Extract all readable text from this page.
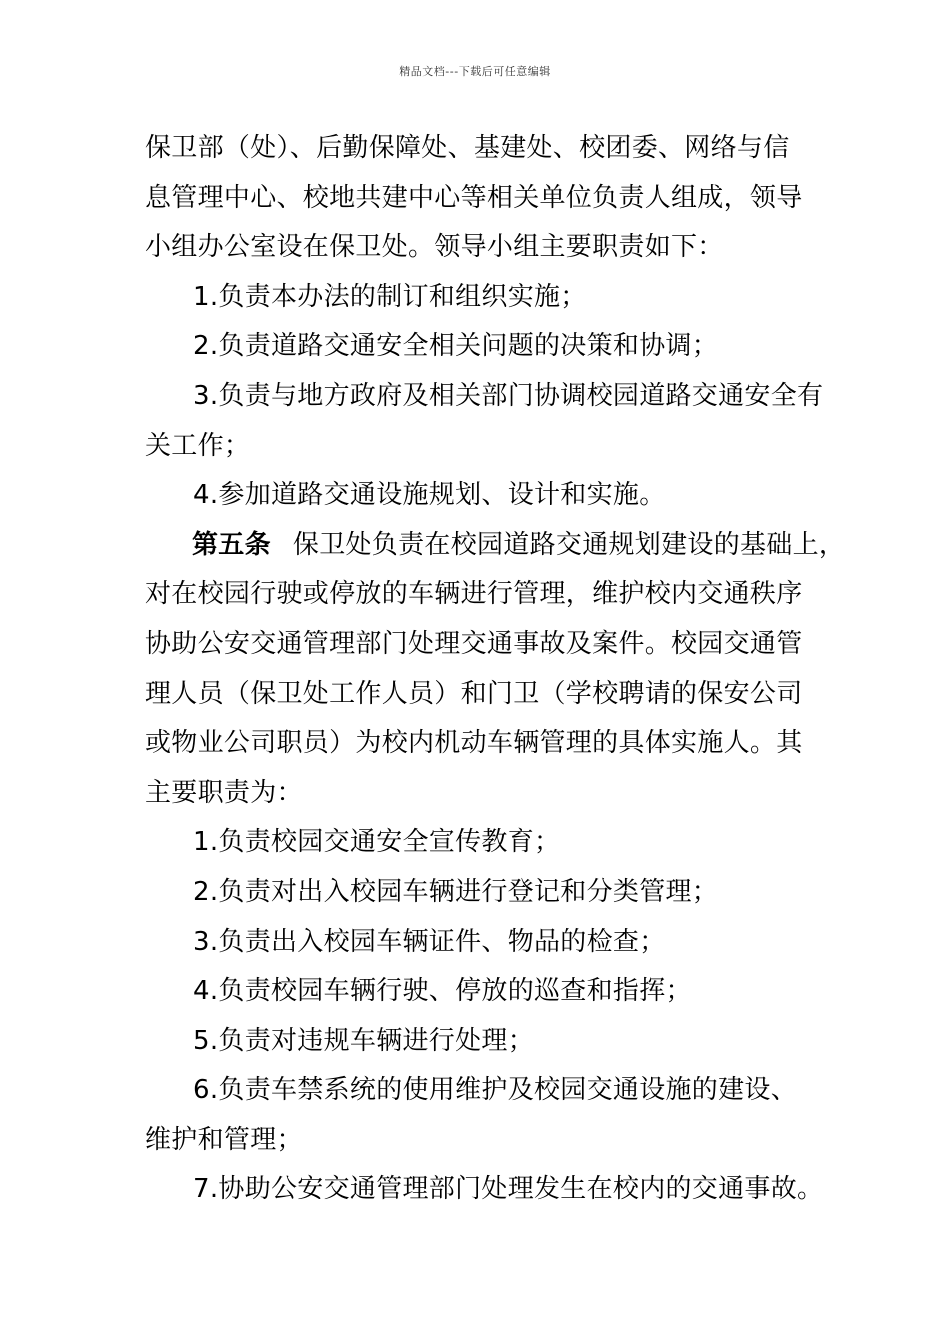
精品文档---下载后可任意编辑
保卫部（处）、后勤保障处、基建处、校团委、网络与信
息管理中心、校地共建中心等相关单位负责人组成，领导
小组办公室设在保卫处。领导小组主要职责如下：
1.负责本办法的制订和组织实施；
2.负责道路交通安全相关问题的决策和协调；
3.负责与地方政府及相关部门协调校园道路交通安全有
关工作；
4.参加道路交通设施规划、设计和实施。
第五条 保卫处负责在校园道路交通规划建设的基础上，
对在校园行驶或停放的车辆进行管理，维护校内交通秩序
协助公安交通管理部门处理交通事故及案件。校园交通管
理人员（保卫处工作人员）和门卫（学校聘请的保安公司
或物业公司职员）为校内机动车辆管理的具体实施人。其
主要职责为：
1.负责校园交通安全宣传教育；
2.负责对出入校园车辆进行登记和分类管理；
3.负责出入校园车辆证件、物品的检查；
4.负责校园车辆行驶、停放的巡查和指挥；
5.负责对违规车辆进行处理；
6.负责车禁系统的使用维护及校园交通设施的建设、
维护和管理；
7.协助公安交通管理部门处理发生在校内的交通事故。
